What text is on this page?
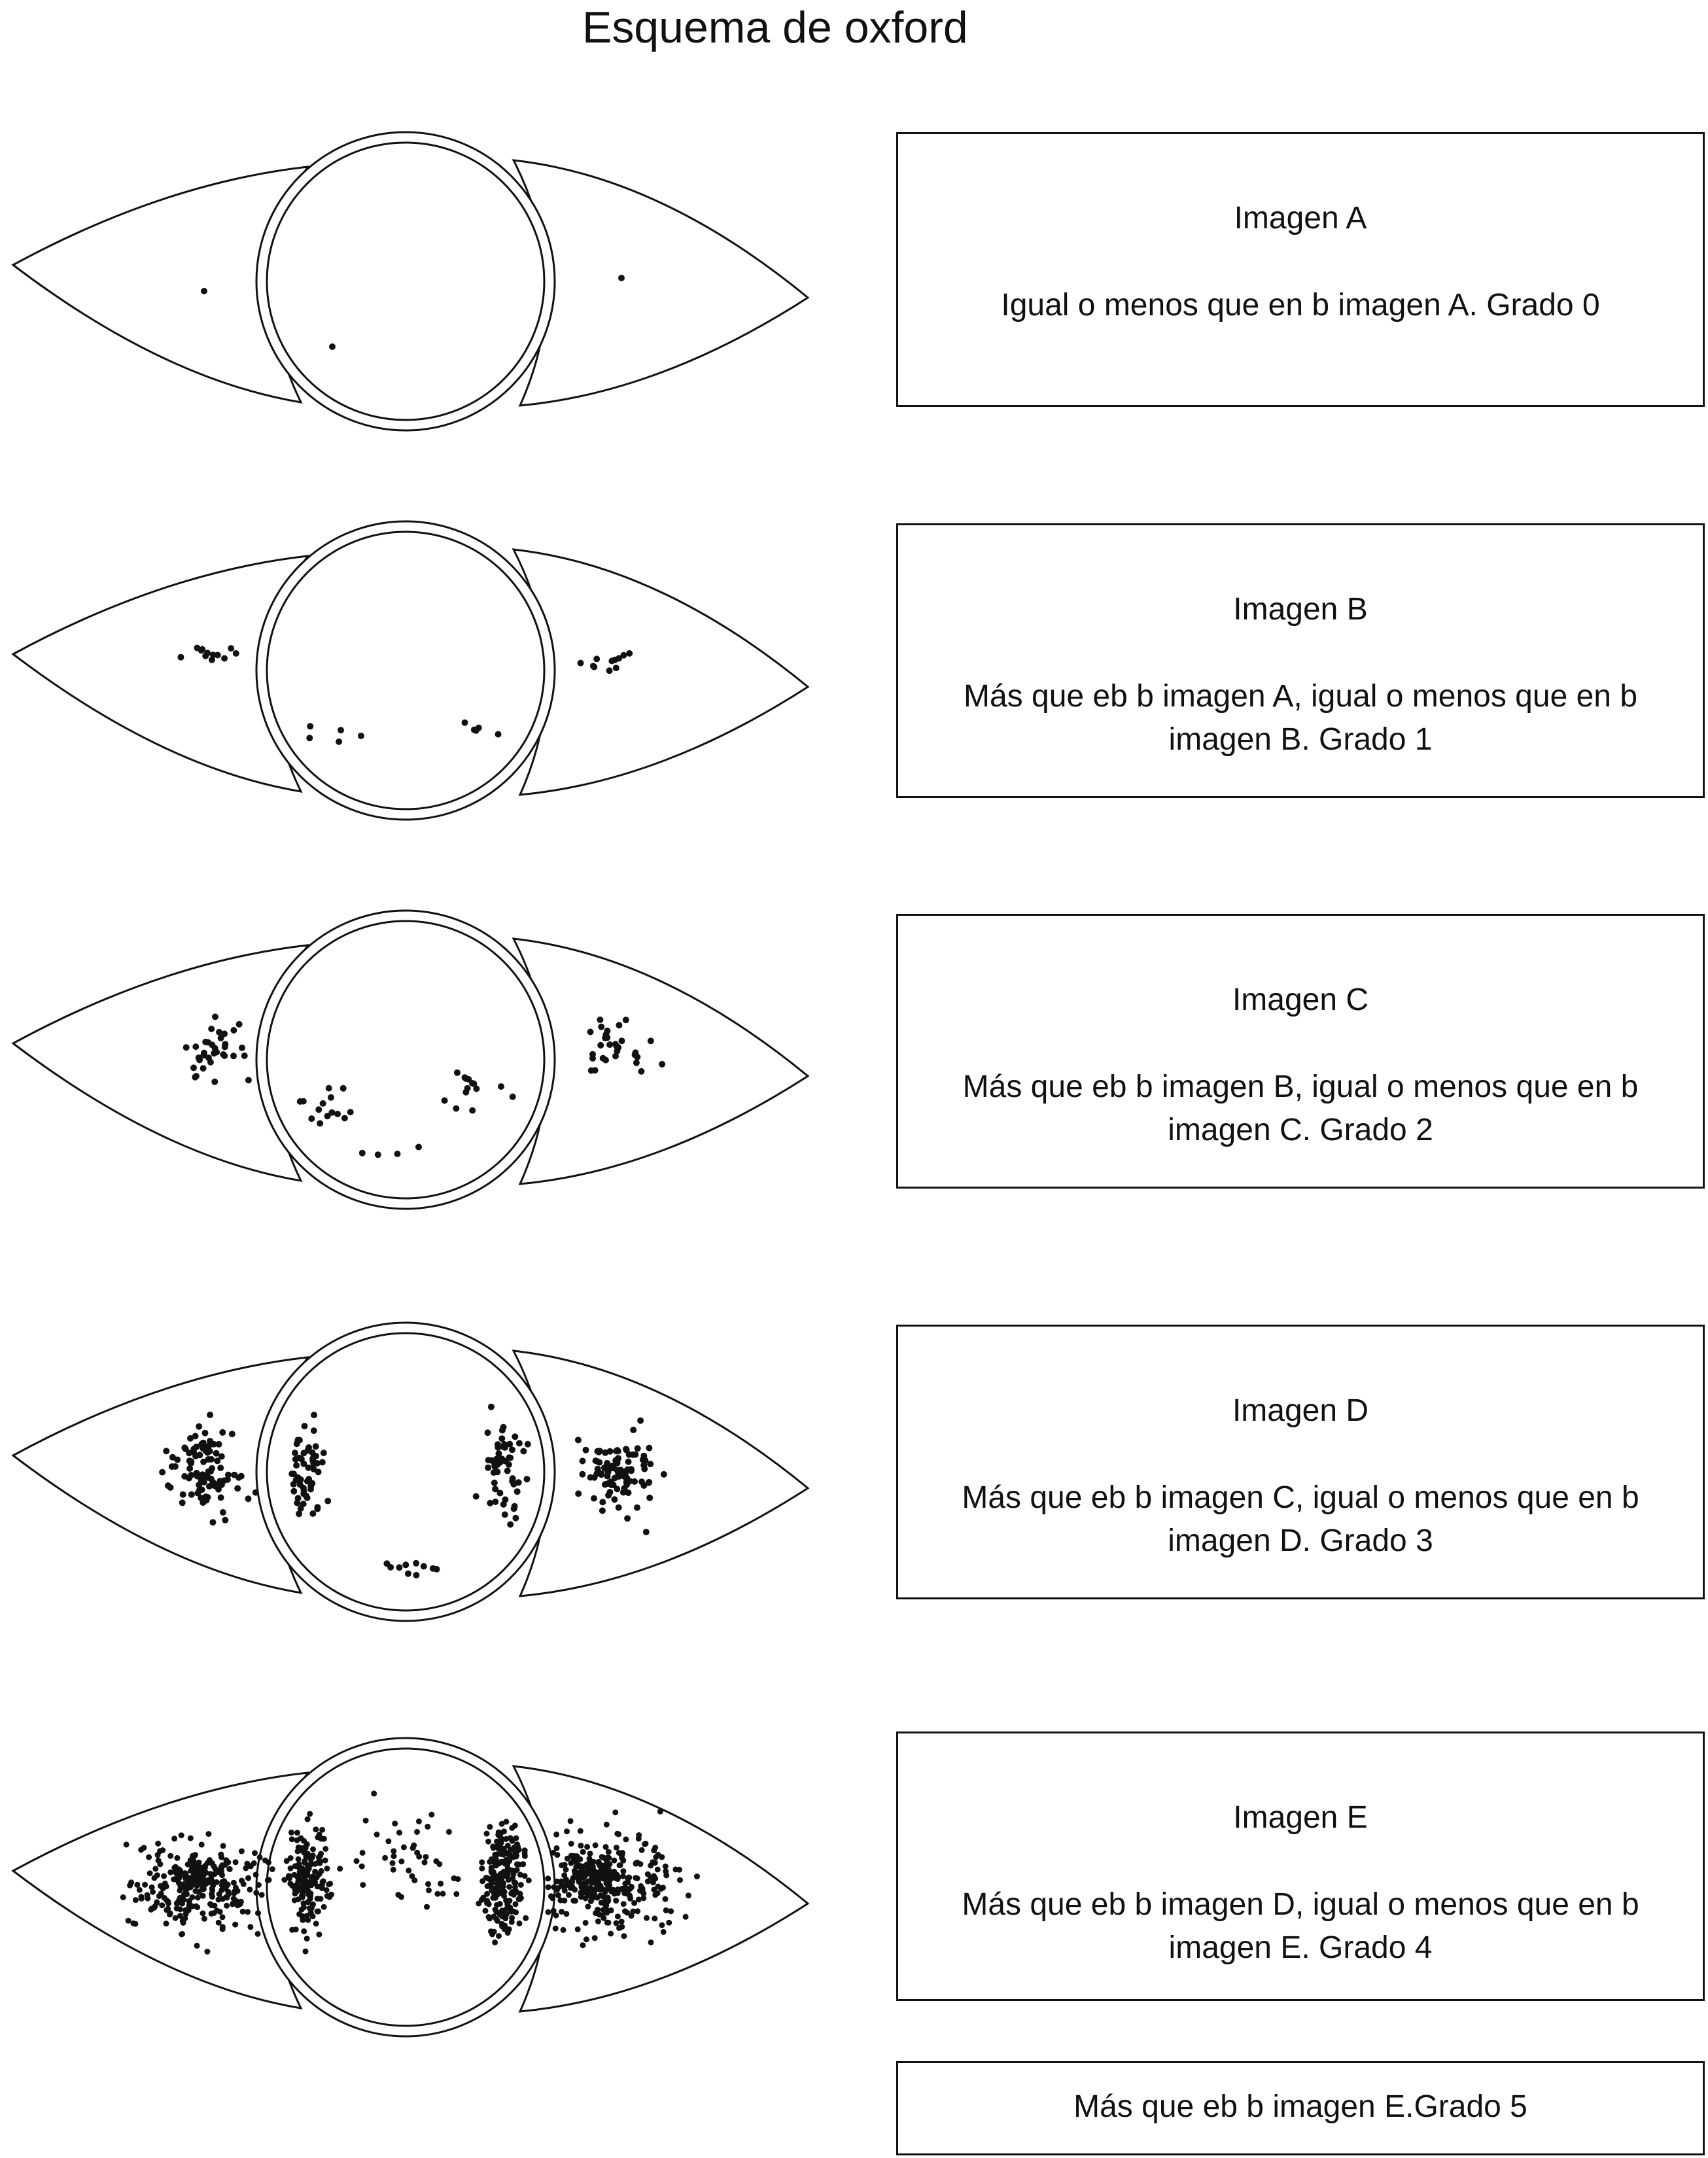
Esquema de oxford
Imagen A
Igual o menos que en b imagen A. Grado 0
Imagen B
Más que eb b imagen A, igual o menos que en b imagen B. Grado 1
Imagen C
Más que eb b imagen B, igual o menos que en b imagen C. Grado 2
Imagen D
Más que eb b imagen C, igual o menos que en b imagen D. Grado 3
Imagen E
Más que eb b imagen D, igual o menos que en b imagen E. Grado 4
Más que eb b imagen E.Grado 5
